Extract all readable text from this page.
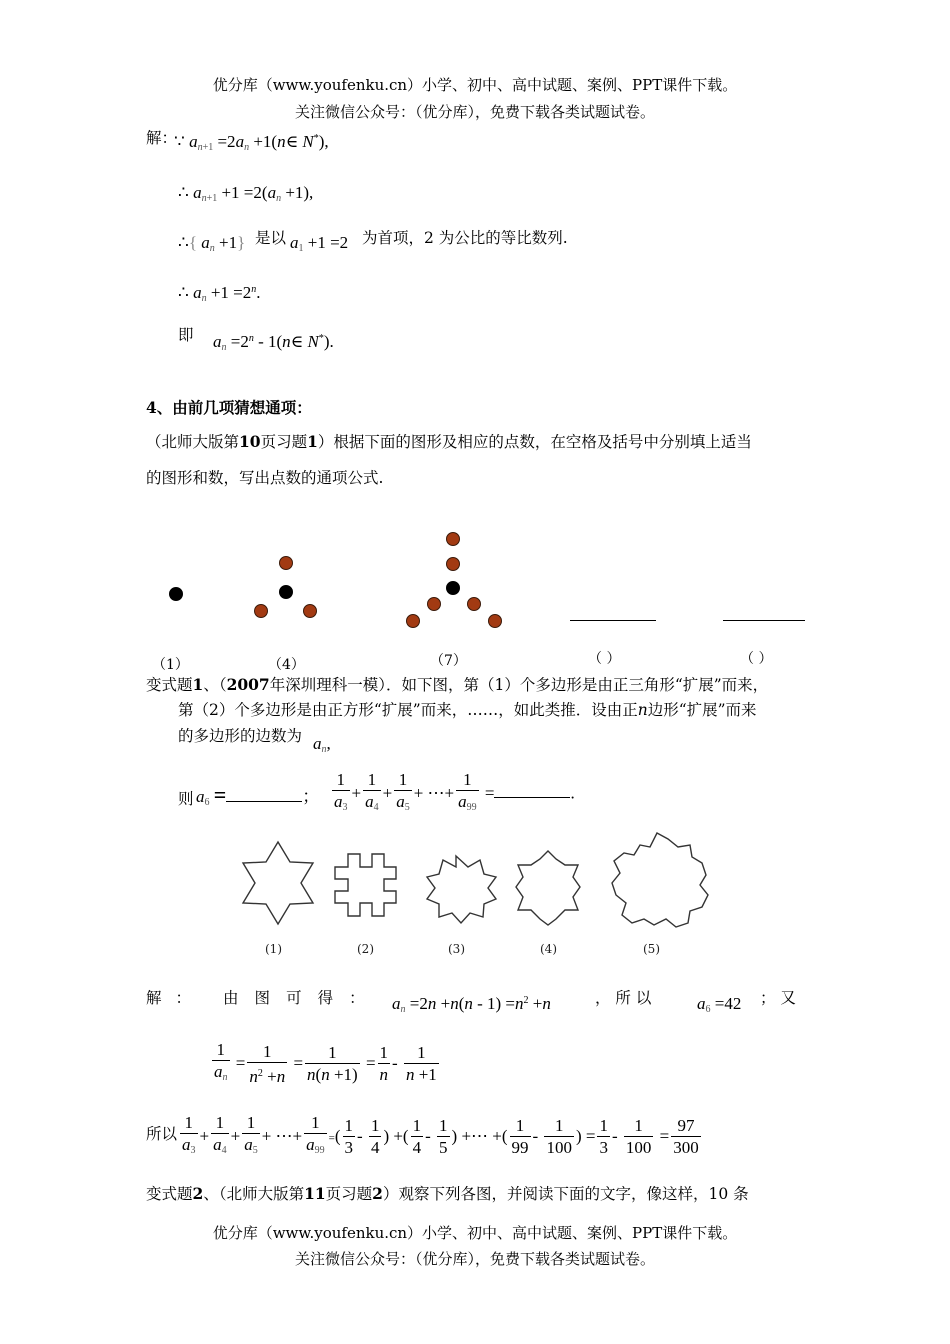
优分库（www.youfenku.cn）小学、初中、高中试题、案例、PPT课件下载。
关注微信公众号：（优分库），免费下载各类试题试卷。
解：
∵ $a_{n+1} =2a_n$ +1(n∈ N*),
∴ $a_{n+1} +1 =2(a_n +1)$,
∴{ $a_n +1$} 是以 $a_1 +1 =2$ 为首项，2 为公比的等比数列.
∴ $a_n +1 =2^n$.
即 $a_n =2^n$ - 1(n∈ N*).
4、由前几项猜想通项：
（北师大版第10页习题1）根据下面的图形及相应的点数，在空格及括号中分别填上适当
的图形和数，写出点数的通项公式.
（1）	（4）	（7）	（ ）	（ ）
变式题1、（2007年深圳理科一模）．如下图，第（1）个多边形是由正三角形“扩展”而来，
第（2）个多边形是由正方形“扩展”而来，……，如此类推．设由正n边形“扩展”而来
的多边形的边数为 $a_n$,
则 $a_6$ =	； $\frac{1}{a_3} + \frac{1}{a_4} + \frac{1}{a_5}$ + ⋯+ $\frac{1}{a_{99}}$ =	.
(1)	(2)	(3)	(4)	(5)
解 ： 由 图 可 得 ： $a_n =2n +n(n - 1) =n^2 +n$	， 所 以	$a_6 =42$ ； 又
$\frac{1}{a_n} = \frac{1}{n^2 +n} = \frac{1}{n(n +1)} = \frac{1}{n} - \frac{1}{n +1}$
所以 $\frac{1}{a_3} + \frac{1}{a_4} + \frac{1}{a_5}$ + ⋯+ $\frac{1}{a_{99}}$ =( $\frac{1}{3} - \frac{1}{4}$ ) +( $\frac{1}{4} - \frac{1}{5}$ ) +⋯ +( $\frac{1}{99} - \frac{1}{100}$ ) = $\frac{1}{3} - \frac{1}{100} = \frac{97}{300}$
变式题2、（北师大版第11页习题2）观察下列各图，并阅读下面的文字，像这样，10 条
优分库（www.youfenku.cn）小学、初中、高中试题、案例、PPT课件下载。
关注微信公众号：（优分库），免费下载各类试题试卷。
